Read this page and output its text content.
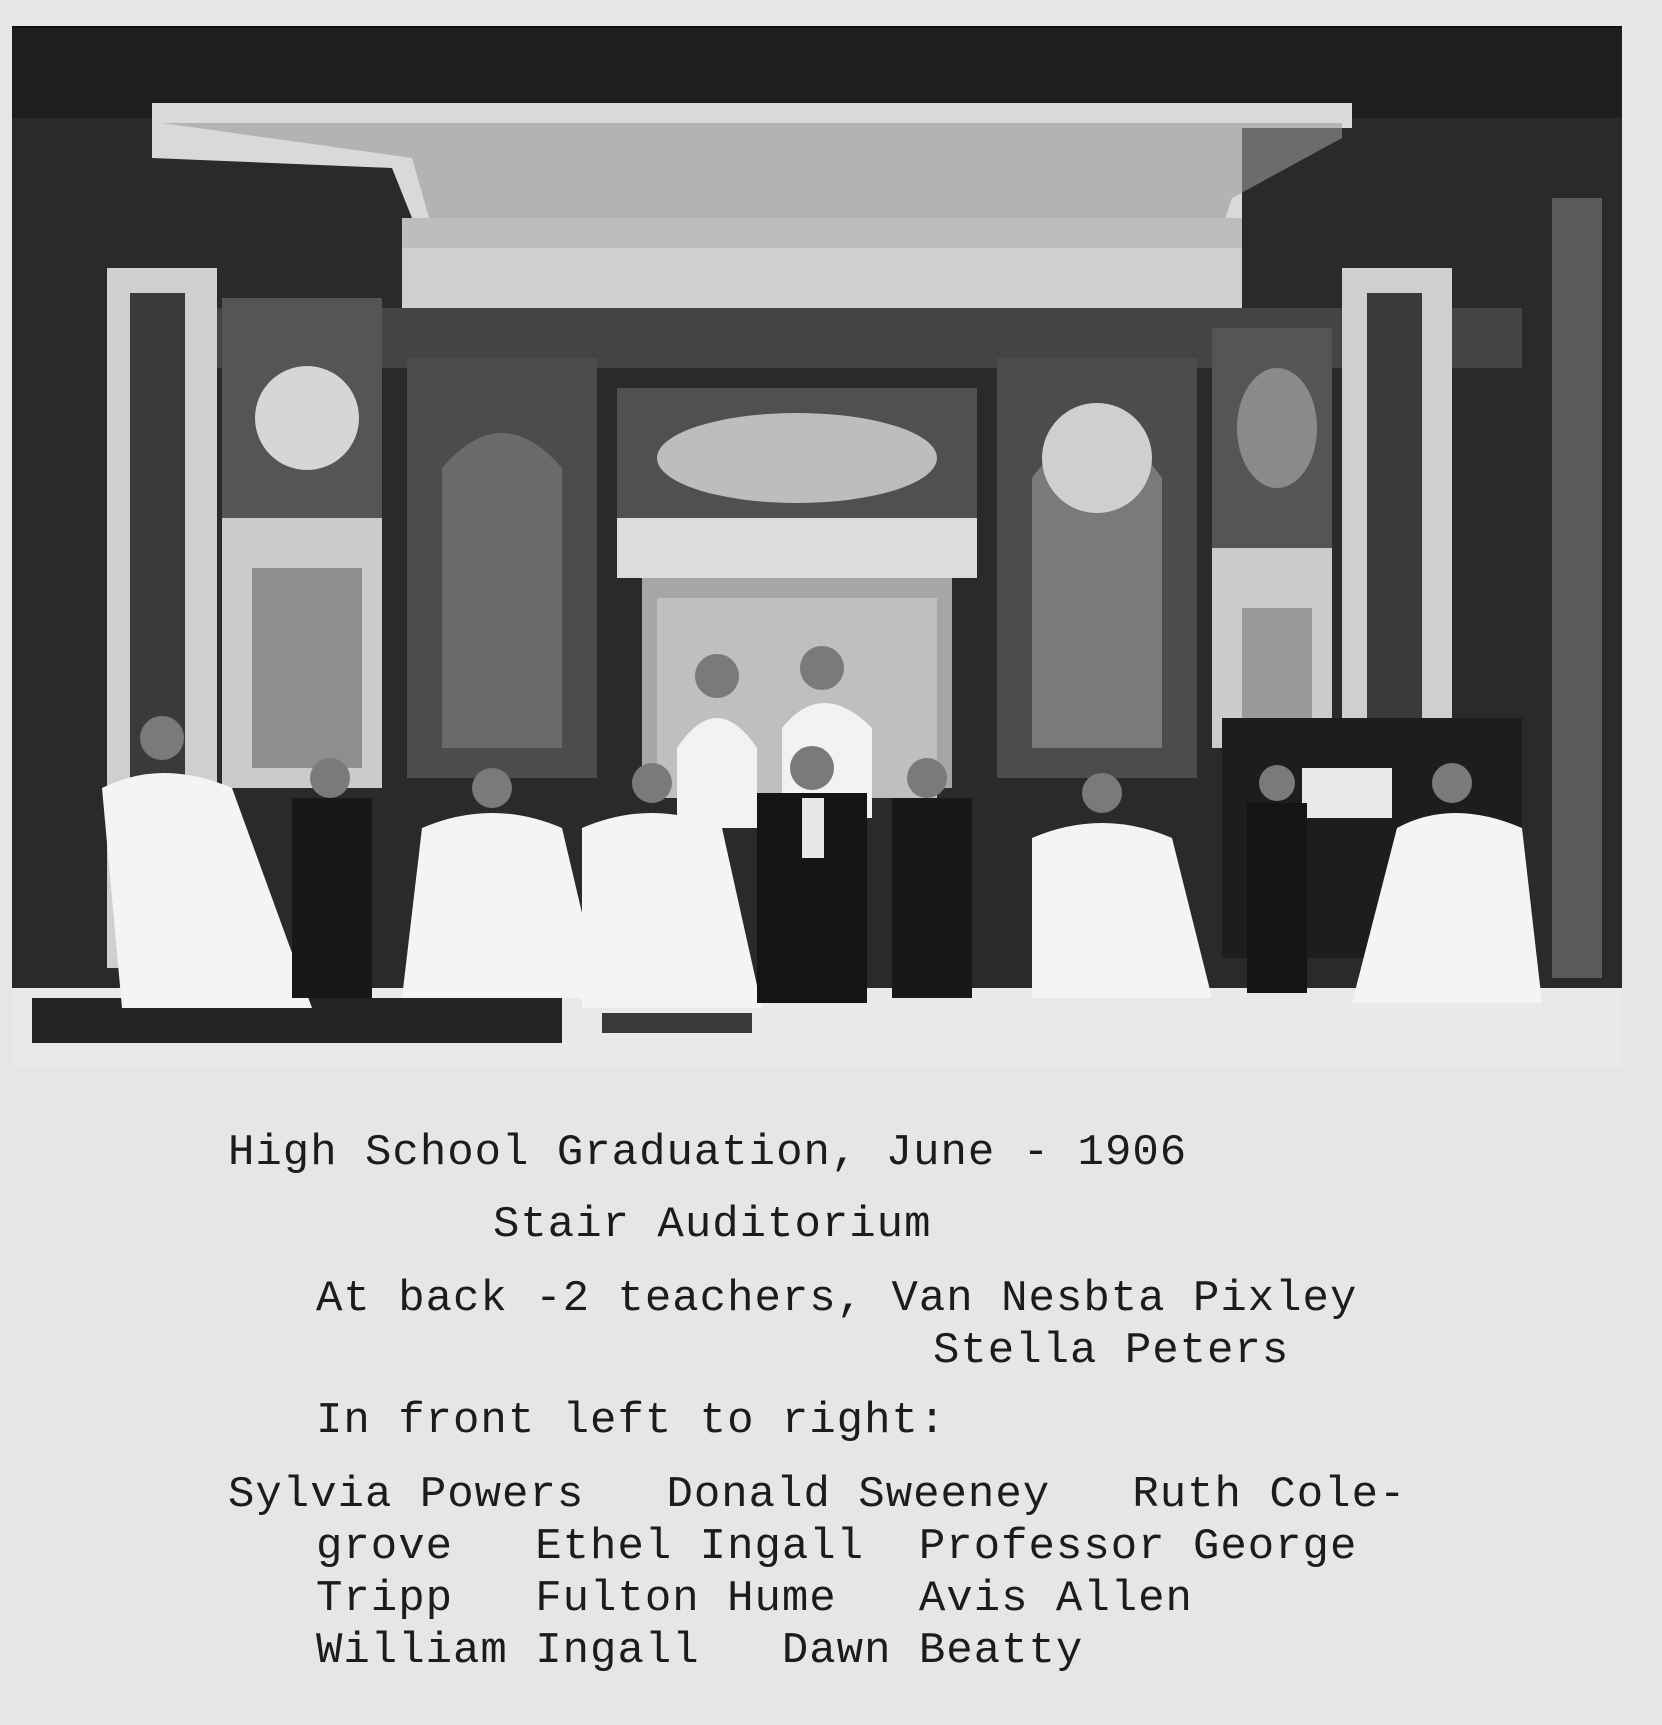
High School Graduation, June - 1906
Stair Auditorium
At back -2 teachers, Van Nesbta Pixley
Stella Peters
In front left to right:
Sylvia Powers   Donald Sweeney   Ruth Cole-
grove   Ethel Ingall  Professor George
Tripp   Fulton Hume   Avis Allen
William Ingall   Dawn Beatty
